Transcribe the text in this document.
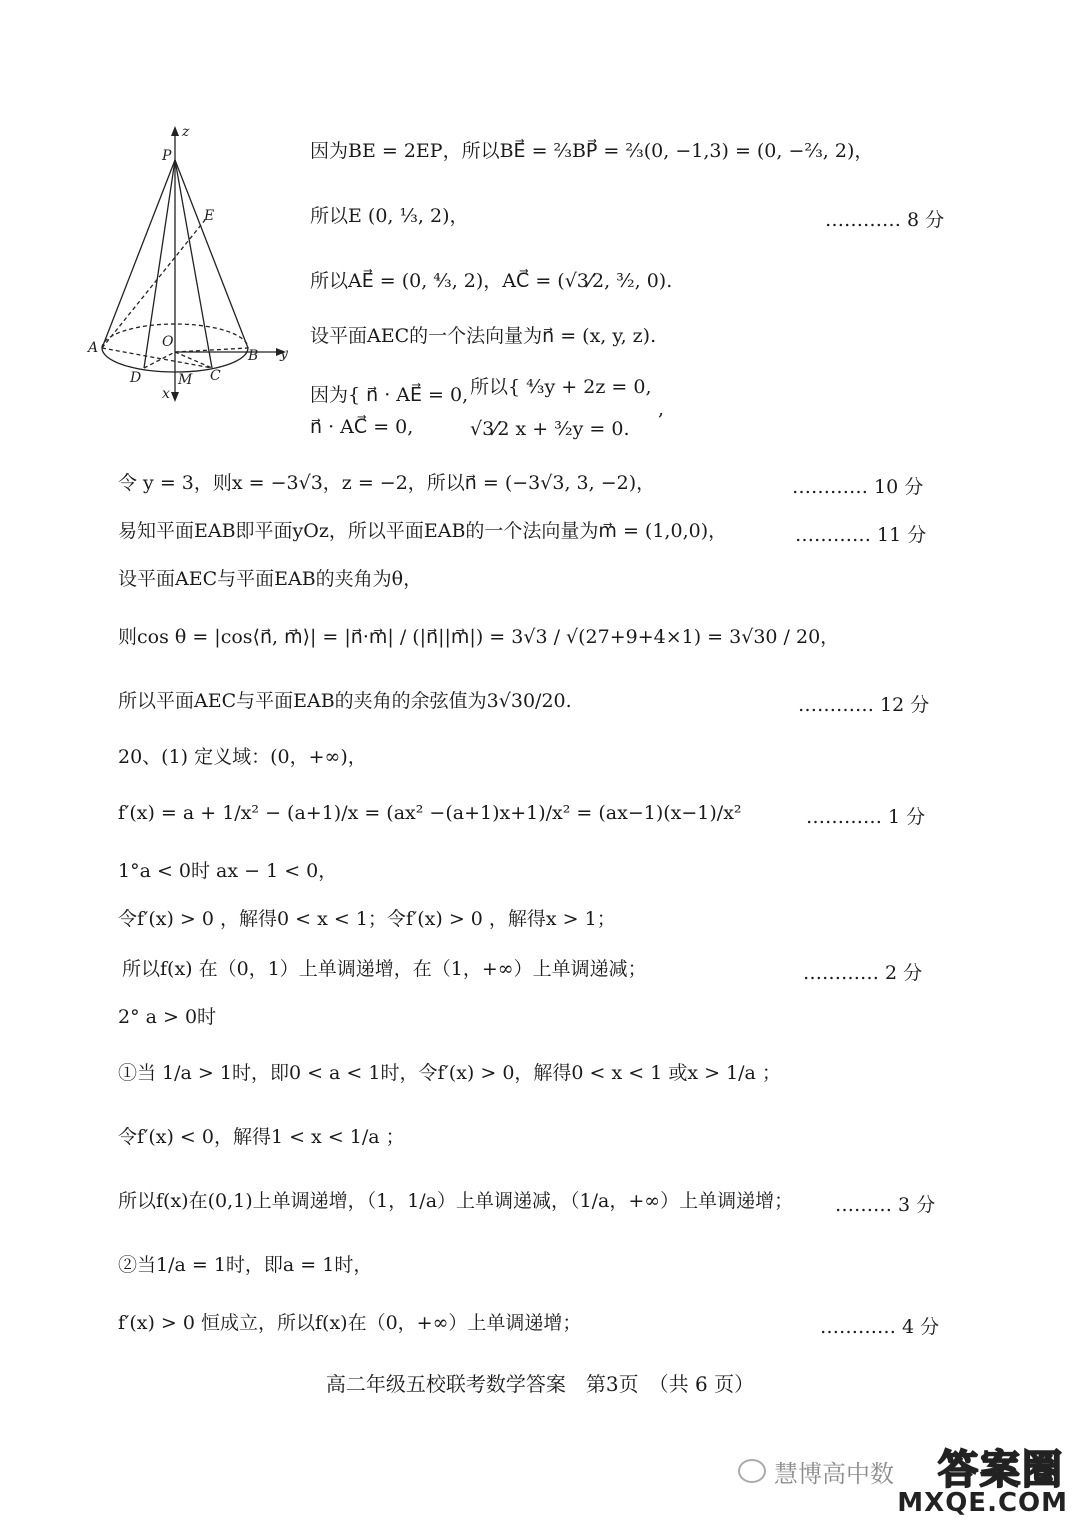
z
P
E
A	O
B y
D	M C
x
因为BE = 2EP，所以BE⃗ = ²⁄₃BP⃗ = ²⁄₃(0, −1,3) = (0, −²⁄₃, 2)，
所以E (0, ¹⁄₃, 2)，	………… 8 分
所以AE⃗ = (0, ⁴⁄₃, 2)，AC⃗ = (√3⁄2, ³⁄₂, 0).
设平面AEC的一个法向量为n⃗ = (x, y, z).
因为{ n⃗ · AE⃗ = 0,
n⃗ · AC⃗ = 0,
所以{ ⁴⁄₃y + 2z = 0,
√3⁄2 x + ³⁄₂y = 0.
,
令 y = 3，则x = −3√3，z = −2，所以n⃗ = (−3√3, 3, −2)，	………… 10 分
易知平面EAB即平面yOz，所以平面EAB的一个法向量为m⃗ = (1,0,0)，	………… 11 分
设平面AEC与平面EAB的夹角为θ，
则cos θ = |cos⟨n⃗, m⃗⟩| = |n⃗·m⃗| / (|n⃗||m⃗|) = 3√3 / √(27+9+4×1) = 3√30 / 20，
所以平面AEC与平面EAB的夹角的余弦值为3√30/20.	………… 12 分
20、(1) 定义域：(0，+∞)，
f′(x) = a + 1/x² − (a+1)/x = (ax² −(a+1)x+1)/x² = (ax−1)(x−1)/x²	………… 1 分
1°a < 0时 ax − 1 < 0，
令f′(x) > 0 ，解得0 < x < 1；令f′(x) > 0 ，解得x > 1；
所以f(x) 在（0，1）上单调递增，在（1，+∞）上单调递减；	………… 2 分
2° a > 0时
①当 1/a > 1时，即0 < a < 1时，令f′(x) > 0，解得0 < x < 1 或x > 1/a ；
令f′(x) < 0，解得1 < x < 1/a ；
所以f(x)在(0,1)上单调递增，（1，1/a）上单调递减，（1/a，+∞）上单调递增； ……… 3 分
②当1/a = 1时，即a = 1时，
f′(x) > 0 恒成立，所以f(x)在（0，+∞）上单调递增；	………… 4 分
高二年级五校联考数学答案　第3页　（共 6 页）
慧博高中数 答案圈
MXQE.COM
